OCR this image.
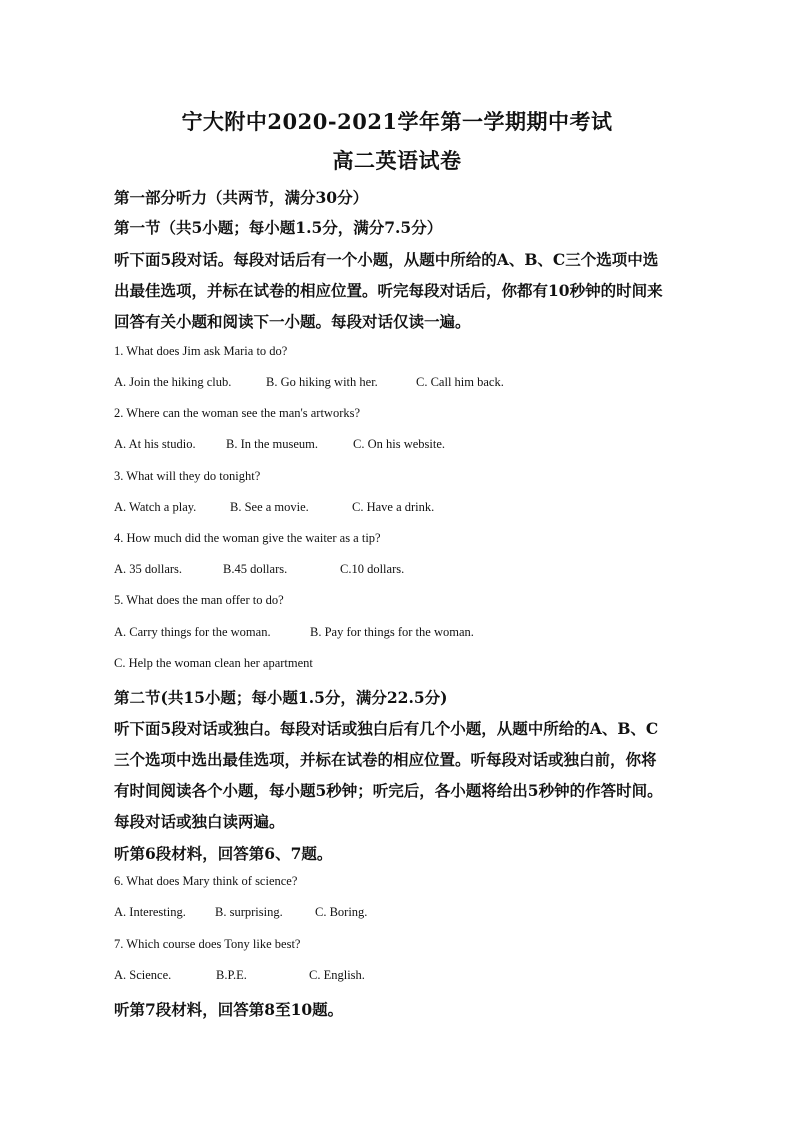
宁大附中2020-2021学年第一学期期中考试
高二英语试卷
第一部分听力（共两节，满分30分）
第一节（共5小题；每小题1.5分，满分7.5分）
听下面5段对话。每段对话后有一个小题，从题中所给的A、B、C三个选项中选
出最佳选项，并标在试卷的相应位置。听完每段对话后，你都有10秒钟的时间来
回答有关小题和阅读下一小题。每段对话仅读一遍。
1. What does Jim ask Maria to do?
A. Join the hiking club.	B. Go hiking with her.	C. Call him back.
2. Where can the woman see the man's artworks?
A. At his studio. B. In the museum.	C. On his website.
3. What will they do tonight?
A. Watch a play.	B. See a movie.	C. Have a drink.
4. How much did the woman give the waiter as a tip?
A. 35 dollars.	B.45 dollars.	C.10 dollars.
5. What does the man offer to do?
A. Carry things for the woman.	B. Pay for things for the woman.
C. Help the woman clean her apartment
第二节(共15小题；每小题1.5分，满分22.5分)
听下面5段对话或独白。每段对话或独白后有几个小题，从题中所给的A、B、C
三个选项中选出最佳选项，并标在试卷的相应位置。听每段对话或独白前，你将
有时间阅读各个小题，每小题5秒钟；听完后，各小题将给出5秒钟的作答时间。
每段对话或独白读两遍。
听第6段材料，回答第6、7题。
6. What does Mary think of science?
A. Interesting. B. surprising.	C. Boring.
7. Which course does Tony like best?
A. Science.	B.P.E.	C. English.
听第7段材料，回答第8至10题。
